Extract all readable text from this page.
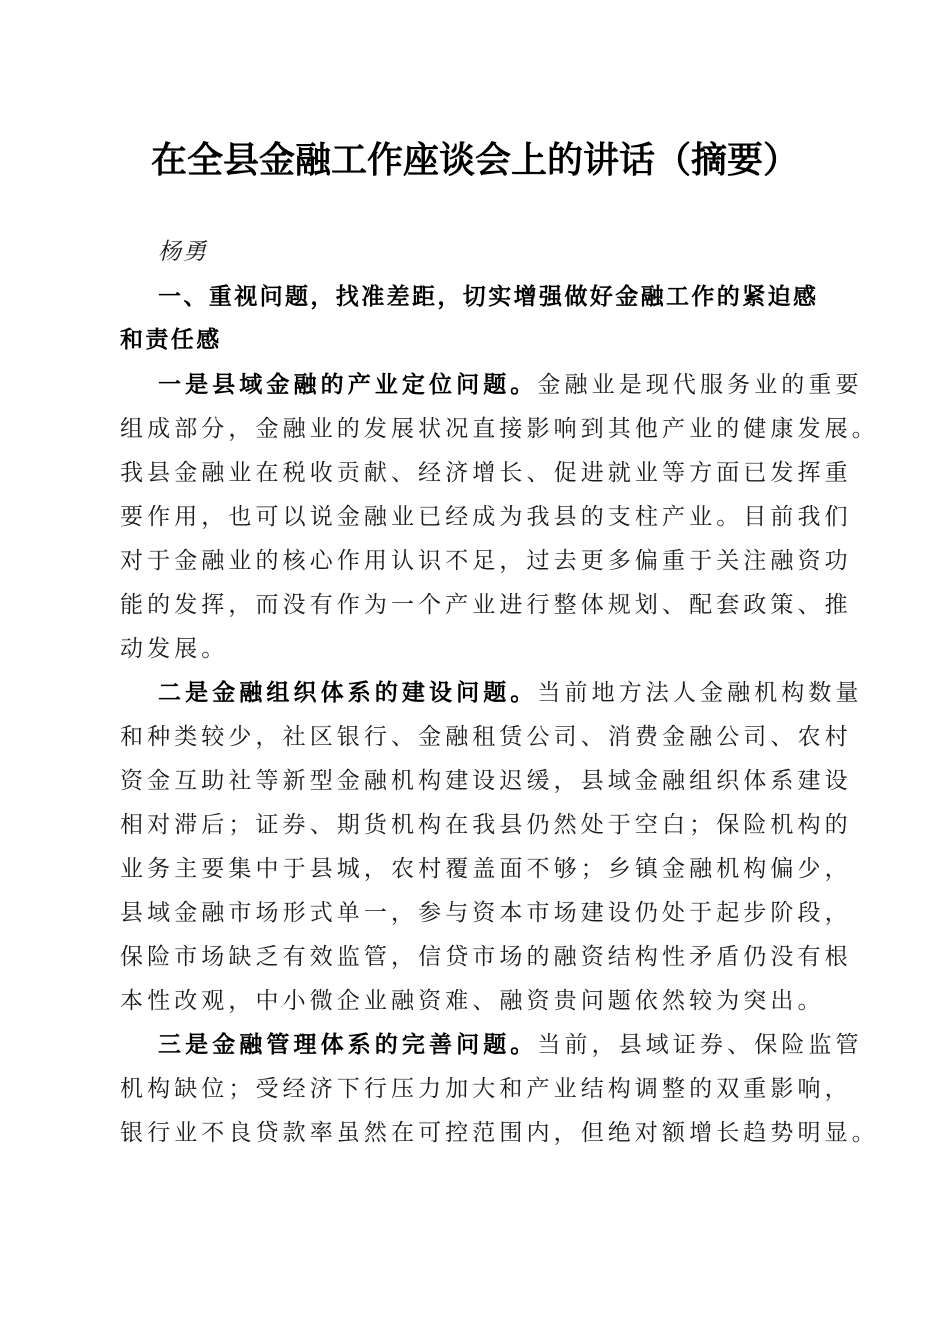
在全县金融工作座谈会上的讲话（摘要）
杨勇
一、重视问题，找准差距，切实增强做好金融工作的紧迫感
和责任感
一是县域金融的产业定位问题。金融业是现代服务业的重要
组成部分，金融业的发展状况直接影响到其他产业的健康发展。
我县金融业在税收贡献、经济增长、促进就业等方面已发挥重
要作用，也可以说金融业已经成为我县的支柱产业。目前我们
对于金融业的核心作用认识不足，过去更多偏重于关注融资功
能的发挥，而没有作为一个产业进行整体规划、配套政策、推
动发展。
二是金融组织体系的建设问题。当前地方法人金融机构数量
和种类较少，社区银行、金融租赁公司、消费金融公司、农村
资金互助社等新型金融机构建设迟缓，县域金融组织体系建设
相对滞后；证券、期货机构在我县仍然处于空白；保险机构的
业务主要集中于县城，农村覆盖面不够；乡镇金融机构偏少，
县域金融市场形式单一，参与资本市场建设仍处于起步阶段，
保险市场缺乏有效监管，信贷市场的融资结构性矛盾仍没有根
本性改观，中小微企业融资难、融资贵问题依然较为突出。
三是金融管理体系的完善问题。当前，县域证券、保险监管
机构缺位；受经济下行压力加大和产业结构调整的双重影响，
银行业不良贷款率虽然在可控范围内，但绝对额增长趋势明显。
